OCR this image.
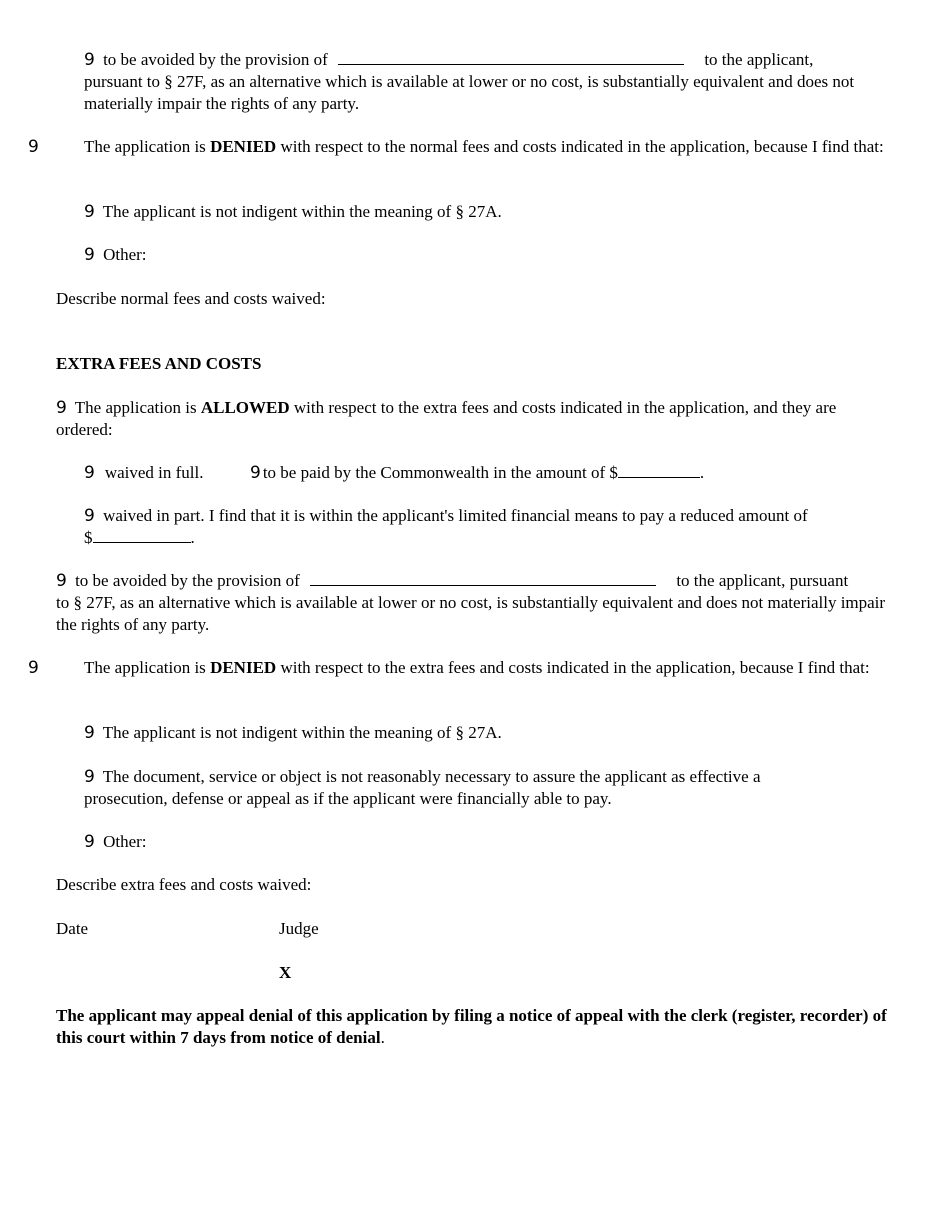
9 to be avoided by the provision of	to the applicant,
pursuant to § 27F, as an alternative which is available at lower or no cost, is substantially equivalent and does not materially impair the rights of any party.
9	The application is DENIED with respect to the normal fees and costs indicated in the application, because I find that:
9 The applicant is not indigent within the meaning of § 27A.
9 Other:
Describe normal fees and costs waived:
EXTRA FEES AND COSTS
9 The application is ALLOWED with respect to the extra fees and costs indicated in the application, and they are ordered:
9 waived in full.	9 to be paid by the Commonwealth in the amount of $	.
9 waived in part. I find that it is within the applicant's limited financial means to pay a reduced amount of
$	.
9 to be avoided by the provision of	to the applicant, pursuant
to § 27F, as an alternative which is available at lower or no cost, is substantially equivalent and does not materially impair the rights of any party.
9	The application is DENIED with respect to the extra fees and costs indicated in the application, because I find that:
9 The applicant is not indigent within the meaning of § 27A.
9 The document, service or object is not reasonably necessary to assure the applicant as effective a prosecution, defense or appeal as if the applicant were financially able to pay.
9 Other:
Describe extra fees and costs waived:
Date	Judge
X
The applicant may appeal denial of this application by filing a notice of appeal with the clerk (register, recorder) of this court within 7 days from notice of denial.
